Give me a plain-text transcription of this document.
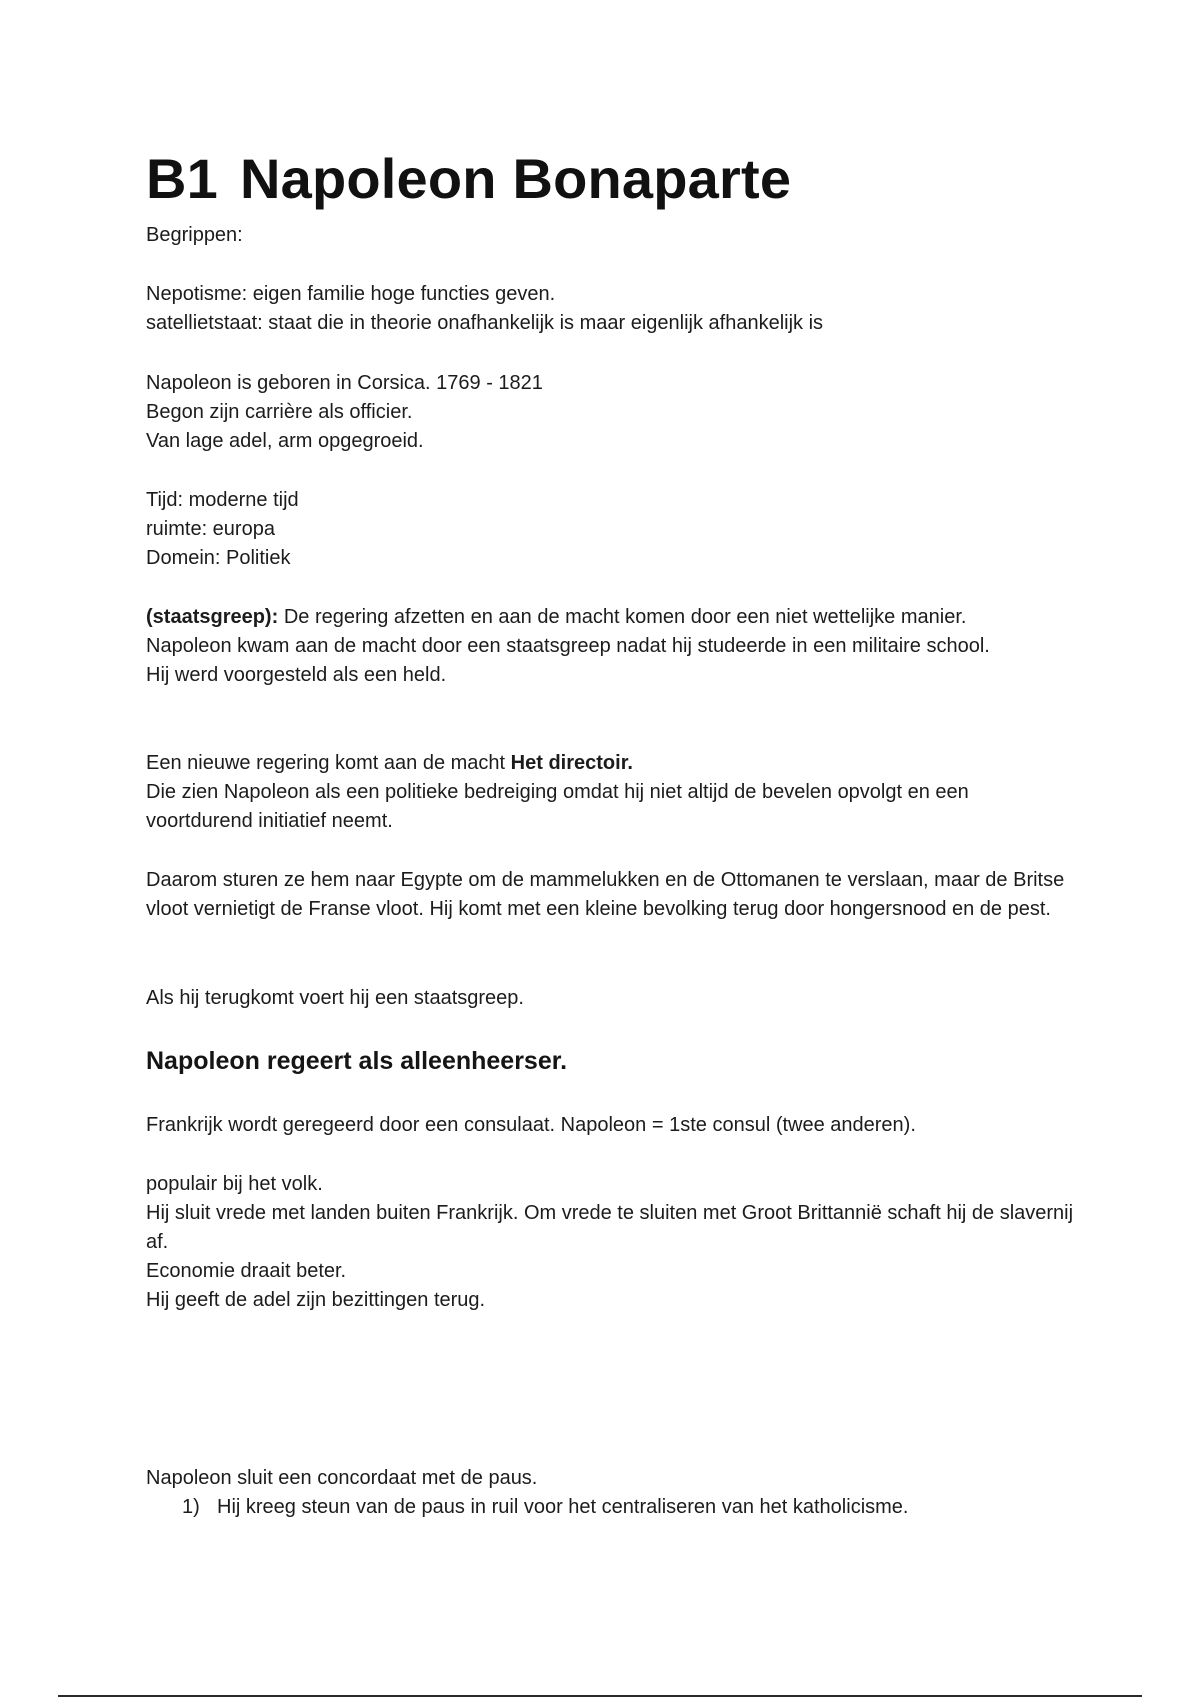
B1 Napoleon Bonaparte

Begrippen:

Nepotisme: eigen familie hoge functies geven.
satellietstaat: staat die in theorie onafhankelijk is maar eigenlijk afhankelijk is

Napoleon is geboren in Corsica. 1769 - 1821
Begon zijn carrière als officier.
Van lage adel, arm opgegroeid.

Tijd: moderne tijd
ruimte: europa
Domein: Politiek

(staatsgreep): De regering afzetten en aan de macht komen door een niet wettelijke manier.
Napoleon kwam aan de macht door een staatsgreep nadat hij studeerde in een militaire school.
Hij werd voorgesteld als een held.

Een nieuwe regering komt aan de macht Het directoir.
Die zien Napoleon als een politieke bedreiging omdat hij niet altijd de bevelen opvolgt en een voortdurend initiatief neemt.

Daarom sturen ze hem naar Egypte om de mammelukken en de Ottomanen te verslaan, maar de Britse vloot vernietigt de Franse vloot. Hij komt met een kleine bevolking terug door hongersnood en de pest.

Als hij terugkomt voert hij een staatsgreep.

Napoleon regeert als alleenheerser.

Frankrijk wordt geregeerd door een consulaat. Napoleon = 1ste consul (twee anderen).

populair bij het volk.
Hij sluit vrede met landen buiten Frankrijk. Om vrede te sluiten met Groot Brittannië schaft hij de slavernij af.
Economie draait beter.
Hij geeft de adel zijn bezittingen terug.

Napoleon sluit een concordaat met de paus.

1) Hij kreeg steun van de paus in ruil voor het centraliseren van het katholicisme.
